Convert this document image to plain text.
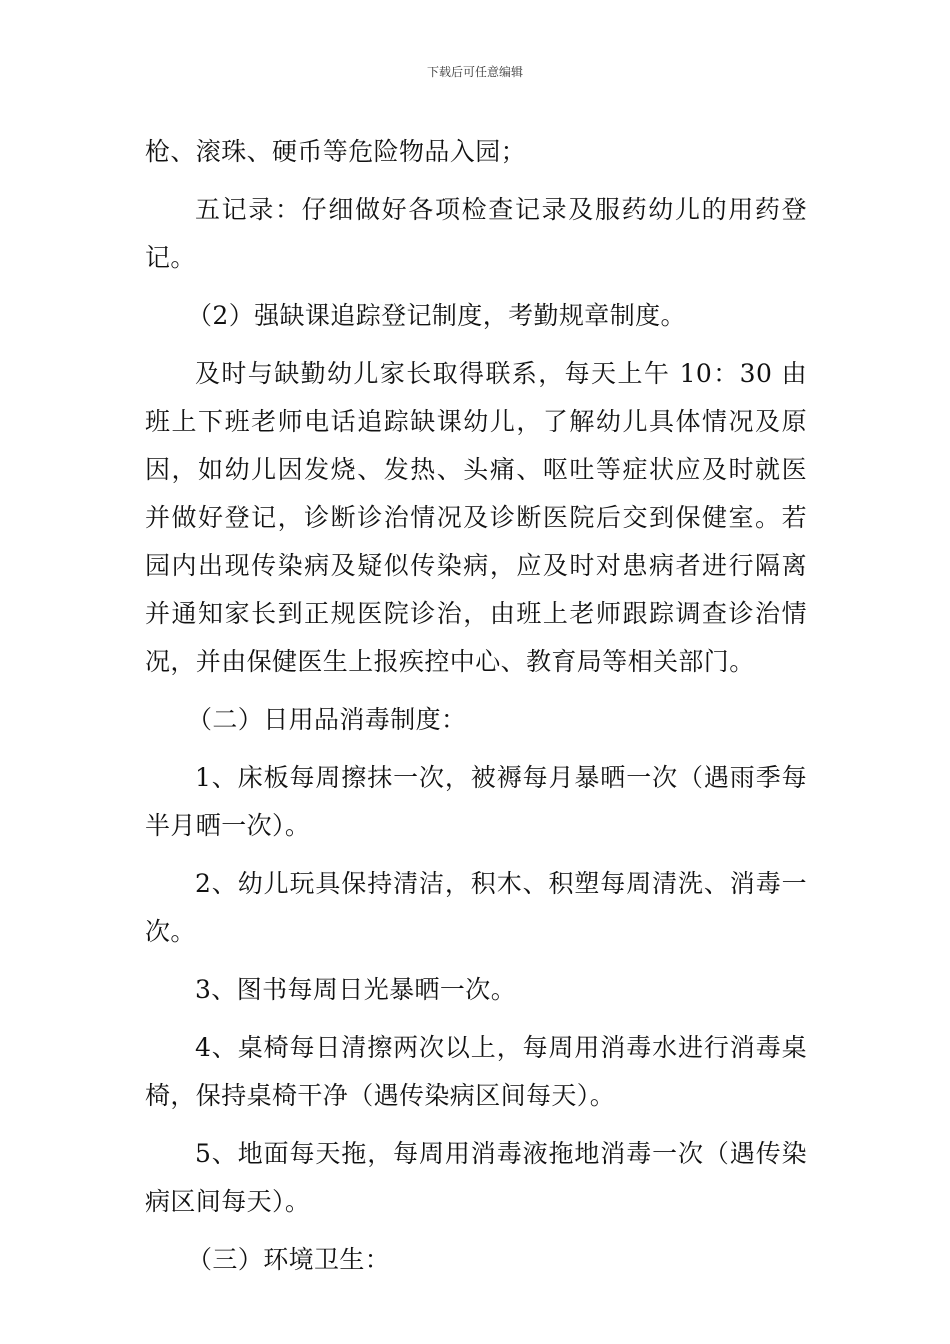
下载后可任意编辑
枪、滚珠、硬币等危险物品入园；
五记录：仔细做好各项检查记录及服药幼儿的用药登
记。
（2）强缺课追踪登记制度，考勤规章制度。
及时与缺勤幼儿家长取得联系，每天上午 10：30 由
班上下班老师电话追踪缺课幼儿，了解幼儿具体情况及原
因，如幼儿因发烧、发热、头痛、呕吐等症状应及时就医
并做好登记，诊断诊治情况及诊断医院后交到保健室。若
园内出现传染病及疑似传染病，应及时对患病者进行隔离
并通知家长到正规医院诊治，由班上老师跟踪调查诊治情
况，并由保健医生上报疾控中心、教育局等相关部门。
（二）日用品消毒制度：
1、床板每周擦抹一次，被褥每月暴晒一次（遇雨季每
半月晒一次）。
2、幼儿玩具保持清洁，积木、积塑每周清洗、消毒一
次。
3、图书每周日光暴晒一次。
4、桌椅每日清擦两次以上，每周用消毒水进行消毒桌
椅，保持桌椅干净（遇传染病区间每天）。
5、地面每天拖，每周用消毒液拖地消毒一次（遇传染
病区间每天）。
（三）环境卫生：
